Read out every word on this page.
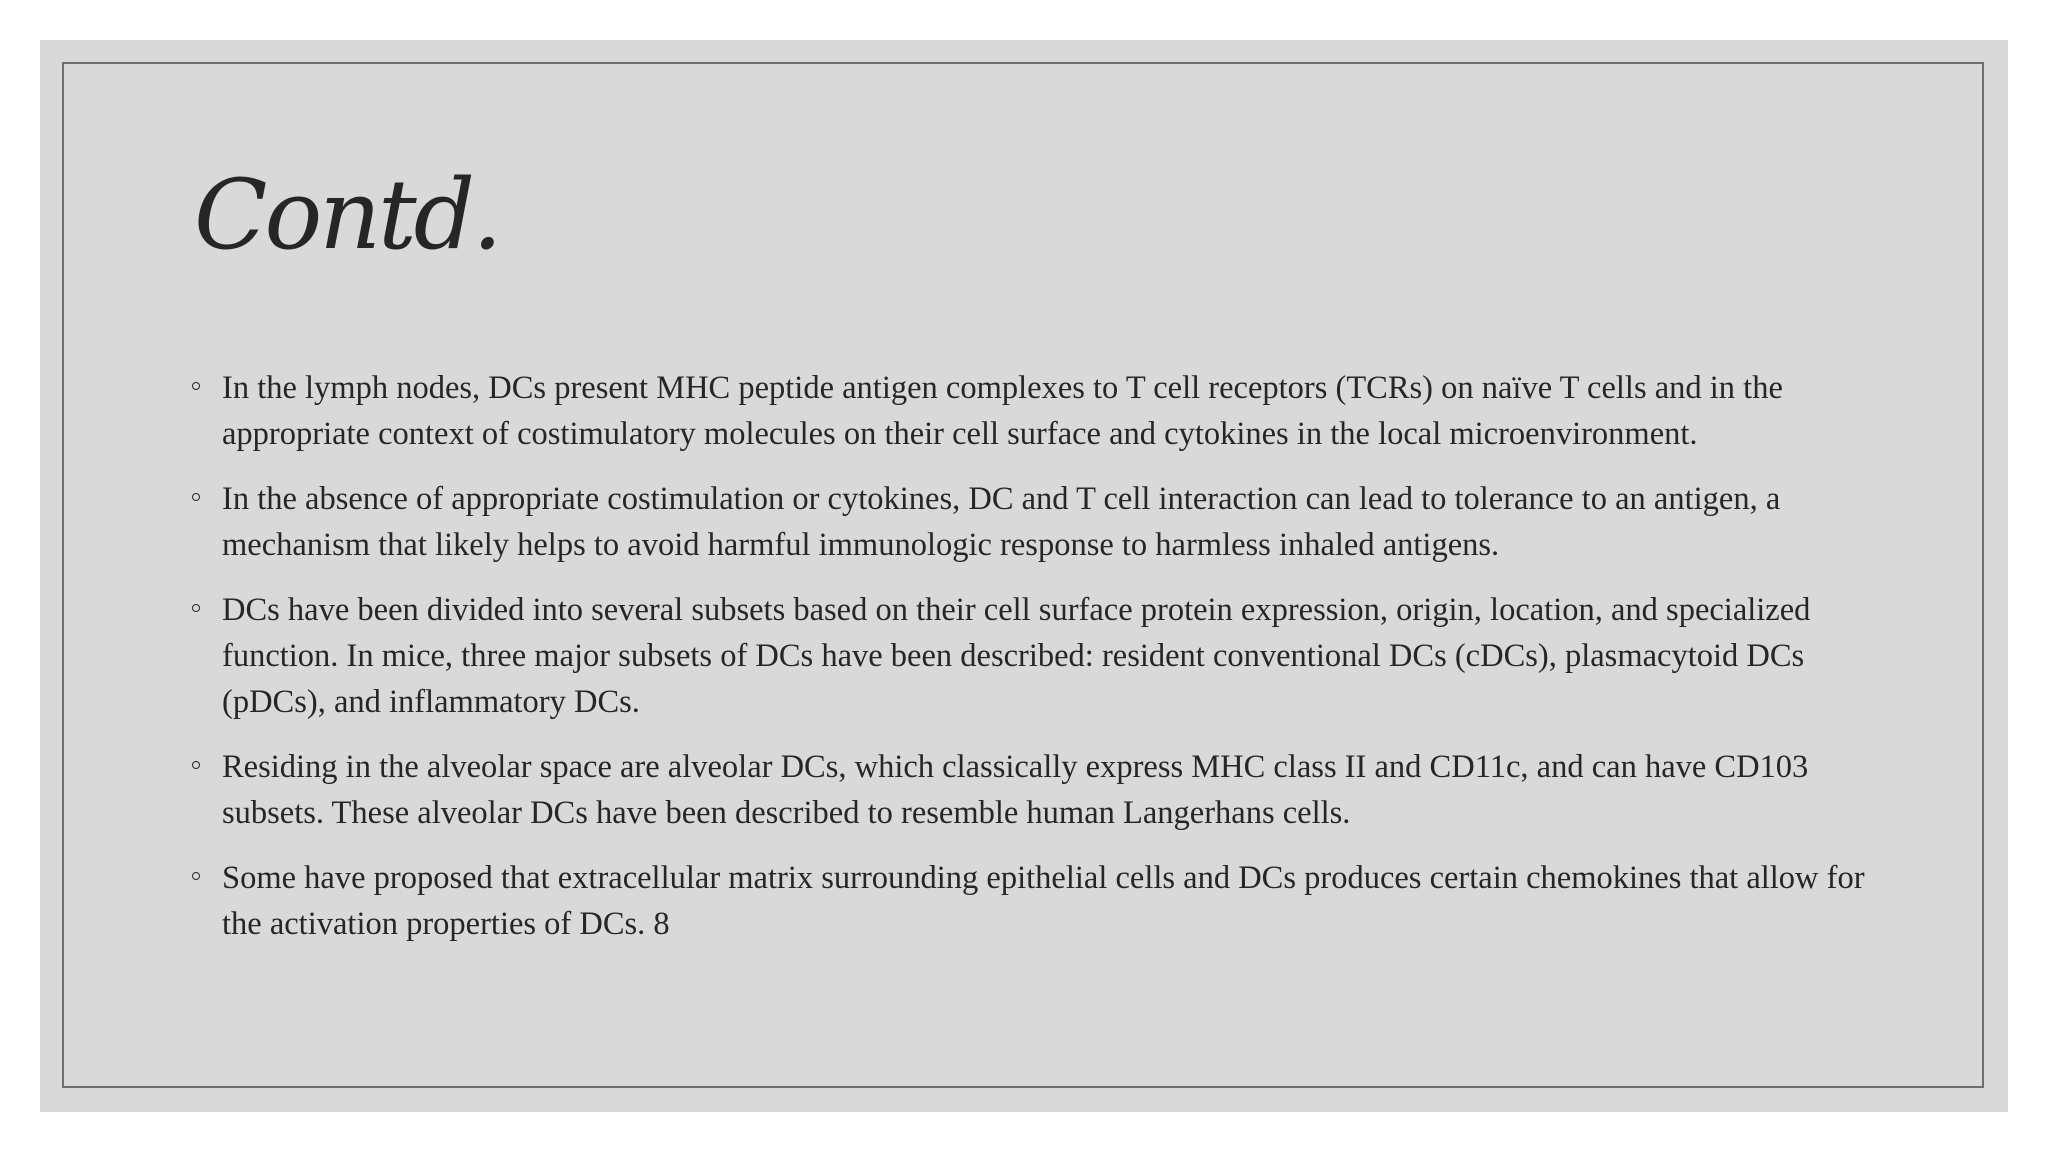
Contd.
In the lymph nodes, DCs present MHC peptide antigen complexes to T cell receptors (TCRs) on naïve T cells and in the appropriate context of costimulatory molecules on their cell surface and cytokines in the local microenvironment.
In the absence of appropriate costimulation or cytokines, DC and T cell interaction can lead to tolerance to an antigen, a mechanism that likely helps to avoid harmful immunologic response to harmless inhaled antigens.
DCs have been divided into several subsets based on their cell surface protein expression, origin, location, and specialized function. In mice, three major subsets of DCs have been described: resident conventional DCs (cDCs), plasmacytoid DCs (pDCs), and inflammatory DCs.
Residing in the alveolar space are alveolar DCs, which classically express MHC class II and CD11c, and can have CD103 subsets. These alveolar DCs have been described to resemble human Langerhans cells.
Some have proposed that extracellular matrix surrounding epithelial cells and DCs produces certain chemokines that allow for the activation properties of DCs. 8
